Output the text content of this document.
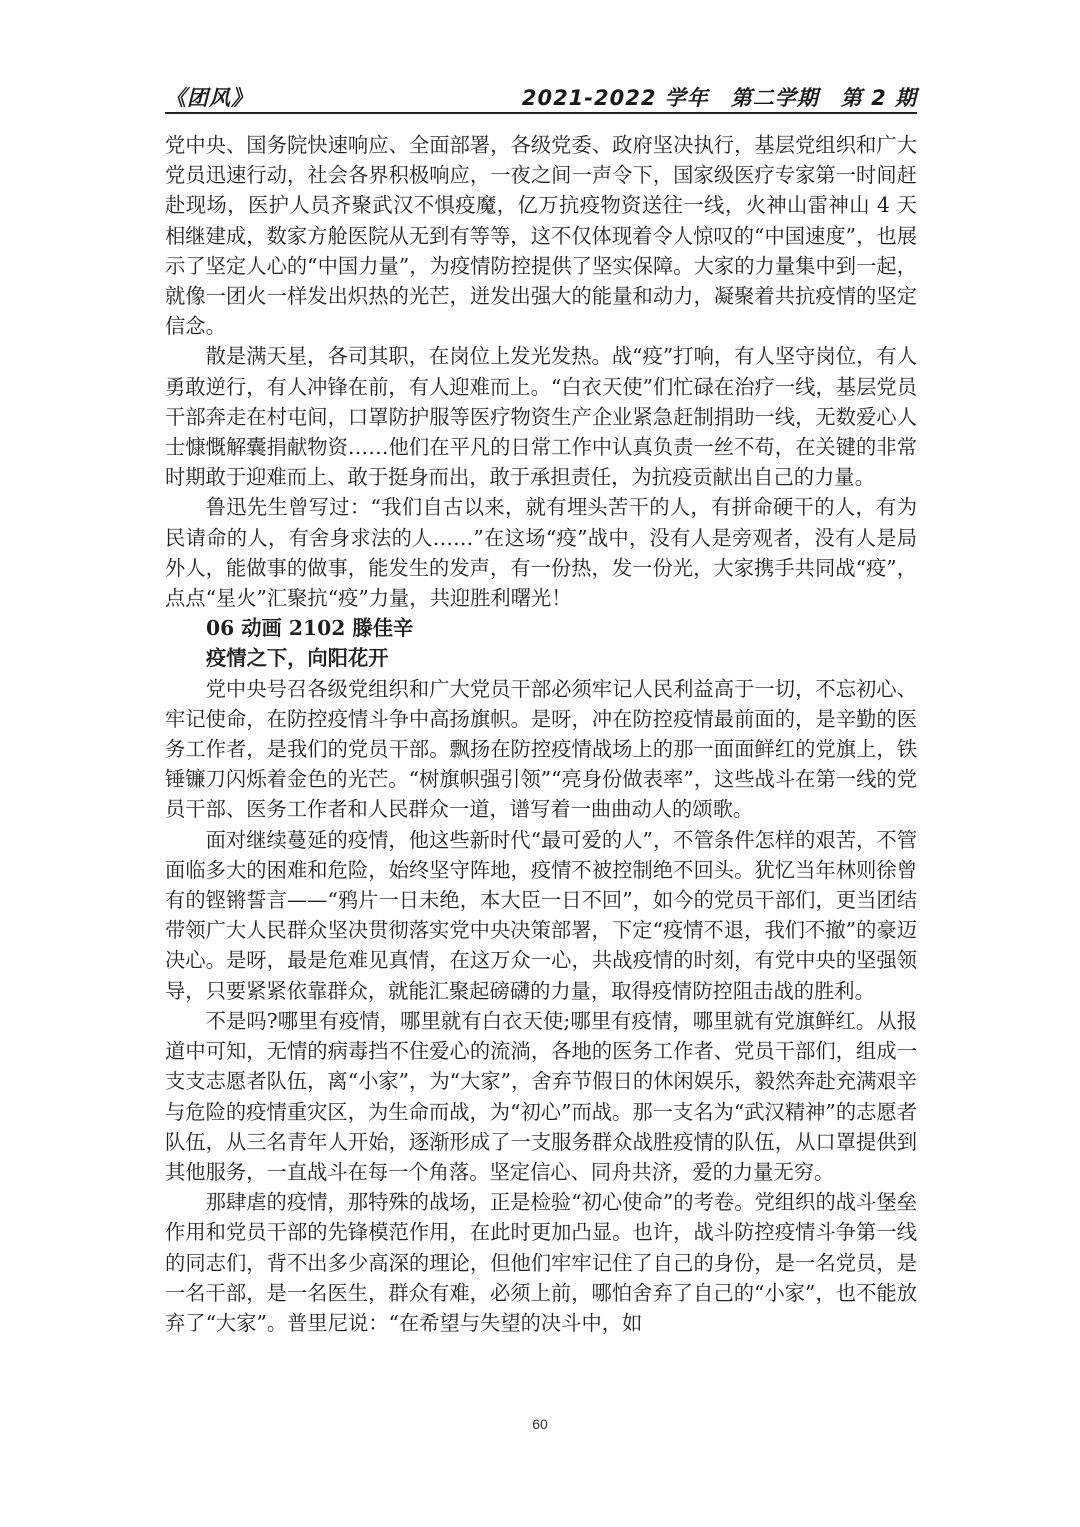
《团风》	2021-2022 学年　第二学期　第 2 期

党中央、国务院快速响应、全面部署，各级党委、政府坚决执行，基层党组织和广大党员迅速行动，社会各界积极响应，一夜之间一声令下，国家级医疗专家第一时间赶赴现场，医护人员齐聚武汉不惧疫魔，亿万抗疫物资送往一线，火神山雷神山 4 天相继建成，数家方舱医院从无到有等等，这不仅体现着令人惊叹的“中国速度”，也展示了坚定人心的“中国力量”，为疫情防控提供了坚实保障。大家的力量集中到一起，就像一团火一样发出炽热的光芒，迸发出强大的能量和动力，凝聚着共抗疫情的坚定信念。

散是满天星，各司其职，在岗位上发光发热。战“疫”打响，有人坚守岗位，有人勇敢逆行，有人冲锋在前，有人迎难而上。“白衣天使”们忙碌在治疗一线，基层党员干部奔走在村屯间，口罩防护服等医疗物资生产企业紧急赶制捐助一线，无数爱心人士慷慨解囊捐献物资……他们在平凡的日常工作中认真负责一丝不苟，在关键的非常时期敢于迎难而上、敢于挺身而出，敢于承担责任，为抗疫贡献出自己的力量。

鲁迅先生曾写过：“我们自古以来，就有埋头苦干的人，有拼命硬干的人，有为民请命的人，有舍身求法的人……”在这场“疫”战中，没有人是旁观者，没有人是局外人，能做事的做事，能发生的发声，有一份热，发一份光，大家携手共同战“疫”，点点“星火”汇聚抗“疫”力量，共迎胜利曙光！

06 动画 2102 滕佳辛
疫情之下，向阳花开

党中央号召各级党组织和广大党员干部必须牢记人民利益高于一切，不忘初心、牢记使命，在防控疫情斗争中高扬旗帜。是呀，冲在防控疫情最前面的，是辛勤的医务工作者，是我们的党员干部。飘扬在防控疫情战场上的那一面面鲜红的党旗上，铁锤镰刀闪烁着金色的光芒。“树旗帜强引领”“亮身份做表率”，这些战斗在第一线的党员干部、医务工作者和人民群众一道，谱写着一曲曲动人的颂歌。

面对继续蔓延的疫情，他这些新时代“最可爱的人”，不管条件怎样的艰苦，不管面临多大的困难和危险，始终坚守阵地，疫情不被控制绝不回头。犹忆当年林则徐曾有的铿锵誓言——“鸦片一日未绝，本大臣一日不回”，如今的党员干部们，更当团结带领广大人民群众坚决贯彻落实党中央决策部署，下定“疫情不退，我们不撤”的豪迈决心。是呀，最是危难见真情，在这万众一心，共战疫情的时刻，有党中央的坚强领导，只要紧紧依靠群众，就能汇聚起磅礴的力量，取得疫情防控阻击战的胜利。

不是吗?哪里有疫情，哪里就有白衣天使;哪里有疫情，哪里就有党旗鲜红。从报道中可知，无情的病毒挡不住爱心的流淌，各地的医务工作者、党员干部们，组成一支支志愿者队伍，离“小家”，为“大家”，舍弃节假日的休闲娱乐，毅然奔赴充满艰辛与危险的疫情重灾区，为生命而战，为“初心”而战。那一支名为“武汉精神”的志愿者队伍，从三名青年人开始，逐渐形成了一支服务群众战胜疫情的队伍，从口罩提供到其他服务，一直战斗在每一个角落。坚定信心、同舟共济，爱的力量无穷。

那肆虐的疫情，那特殊的战场，正是检验“初心使命”的考卷。党组织的战斗堡垒作用和党员干部的先锋模范作用，在此时更加凸显。也许，战斗防控疫情斗争第一线的同志们，背不出多少高深的理论，但他们牢牢记住了自己的身份，是一名党员，是一名干部，是一名医生，群众有难，必须上前，哪怕舍弃了自己的“小家”，也不能放弃了“大家”。普里尼说：“在希望与失望的决斗中，如

60
